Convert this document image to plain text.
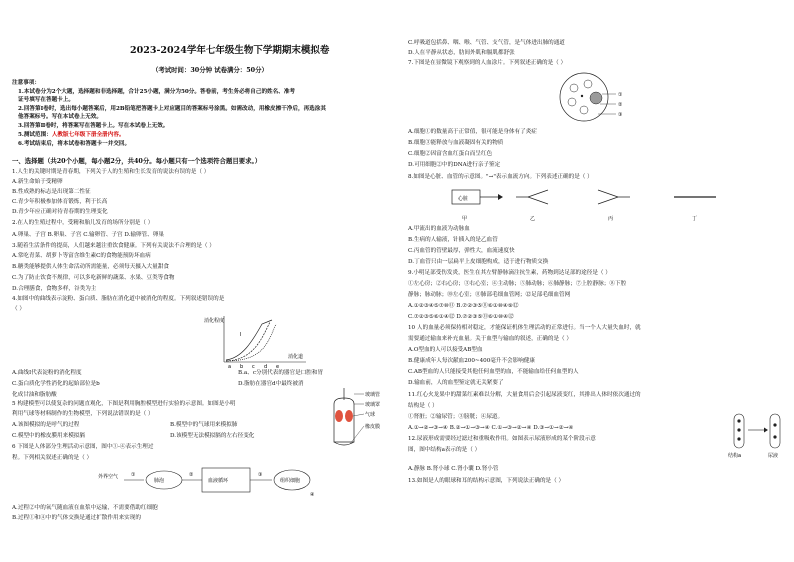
2023-2024学年七年级生物下学期期末模拟卷
（考试时间：30分钟 试卷满分：50分）
注意事项：
1.本试卷分为2个大题，选择题和非选择题，合计25小题，满分为50分。答卷前，考生务必将自己的姓名、准考
证号填写在答题卡上。
2.回答第Ⅰ卷时，选出每小题答案后，用2B铅笔把答题卡上对应题目的答案标号涂黑。如需改动，用橡皮擦干净后，再选涂其
他答案标号。写在本试卷上无效。
3.回答第Ⅱ卷时，将答案写在答题卡上。写在本试卷上无效。
5.测试范围：人教版七年级下册全册内容。
6.考试结束后，将本试卷和答题卡一并交回。
一、选择题（共20个小题，每小题2分，共40分。每小题只有一个选项符合题目要求。）
1.人生的关键时期是青春期，下列关于人的生殖和生长发育的说法有误的是（ ）
A.新生命始于受精卵
B.性成熟的标志是出现第二性征
C.青少年积极参加体育锻炼，利于长高
D.青少年应正确对待青春期的生理变化
2.在人的生殖过程中，受精和胎儿发育的场所分别是（ ）
A.卵巢、子宫 B.卵巢、子宫 C.输卵管、子宫 D.输卵管、卵巢
3.随着生活条件的提高，人们越来越注重饮食健康。下列有关说法不合理的是（ ）
A.常吃青菜、胡萝卜等富含维生素C的食物能预防坏血病
B.糖类能够提供人体生命活动所需能量，必须每天摄入大量甜食
C.为了防止饮食不规律，可以多吃新鲜的蔬菜、水果、豆类等食物
D.合理膳食，食物多样，谷类为主
4.如图中的曲线表示淀粉、蛋白质、脂肪在消化道中被消化的程度。下列叙述错误的是
（ ）
消化程度
消化道
Ⅰ
a b c d e
A.曲线Ⅰ代表淀粉的消化程度	B.a、c分别代表的器官是口腔和胃
C.蛋白质化学性消化的起始部位是b	D.脂肪在器官d中最终被消
化成甘油和脂肪酸	玻璃管
玻璃罩
气球
橡皮膜
5 构建模型可以使复杂的问题直观化，下图是利用胸腔模型进行实验的示意图。如图是小明
利用气球等材料制作的生物模型，下列说法错误的是（ ）
A.该图模拟的是呼气的过程	B.模型中的气球用来模拟肺
C.模型中的橡皮膜用来模拟膈	D.该模型无法模拟膈的左右径变化
6 下图是人体部分生理活动示意图，图中①-④表示生理过
程。下列相关叙述正确的是（ ）
外界空气	①
肺泡
②
血液循环
③
组织细胞
④
A.过程②中的氧气随血液在血浆中运输，不需要借助红细胞
B.过程①和④中的气体交换是通过扩散作用来实现的
C.呼吸道包括鼻、咽、喉、气管、支气管，是气体进出肺的通道
D.人在平静从状态，肋间外肌和膈肌都舒张
7.下图是在显微镜下观察到的人血涂片。下列叙述正确的是（ ）
①
②
③
A.细胞①的数量高于正常值，很可能是身体有了炎症
B.细胞③能释放与血液凝固有关的物质
C.细胞②因富含血红蛋白而呈红色
D.可用细胞②中的DNA进行亲子鉴定
8.如图是心脏、血管的示意图。"→"表示血流方向。下列表述正确的是（ ）
心脏
甲	乙	丙	丁
A.甲流出的血液为动脉血
B.生病的人输液，针插入的是乙血管
C.丙血管的管壁最厚，弹性大，血流速度快
D.丁血管只由一层扁平上皮细胞构成，适于进行物质交换
9.小明足部受伤发炎，医生在其左臂静脉滴注抗生素，药物到达足部的途径是（ ）
①左心房；②右心房；③右心室；④主动脉；⑤肺动脉；⑥肺静脉；⑦上腔静脉；⑧下腔
静脉；脉动脉；⑩左心室；⑪肺部毛细血管网；⑫足部毛细血管网
A.①②③④⑤⑦⑩⑪ B.⑦②③⑤⑪⑥①⑩④⑨⑫
C.⑦②③⑤⑥①④⑫ D.⑦②③⑤⑪⑥①⑩④⑫
10 人的血量必须保持相对稳定，才能保证机体生理活动的正常进行。当一个人大量失血时，就
需要通过输血来补充血量。关于血型与输血的叙述，正确的是（ ）
A.O型血的人可以接受AB型血
B.健康成年人每次献血200~400毫升不会影响健康
C.AB型血的人只能接受其他任何血型的血，不能输血给任何血型的人
D.输血前，人的血型鉴定就无关紧要了
11.红心火龙果中的甜菜红素难以分解，大量食用后会引起尿液变红，其排出人体时依次通过的
结构是（ ）
①肾脏；②输尿管；③膀胱；④尿道。
A.①→②→③→④ B.②→①→③→④ C.①→③→②→④ D.③→①→②→④
12.尿液形成需要经过滤过和重吸收作用。如图表示尿液形成的某个阶段示意
图，图中结构a表示的是（ ）
结构a	尿液
A.静脉 B.肾小球 C.肾小囊 D.肾小管
13.如图是人的眼球和耳的结构示意图，下列说法正确的是（ ）
